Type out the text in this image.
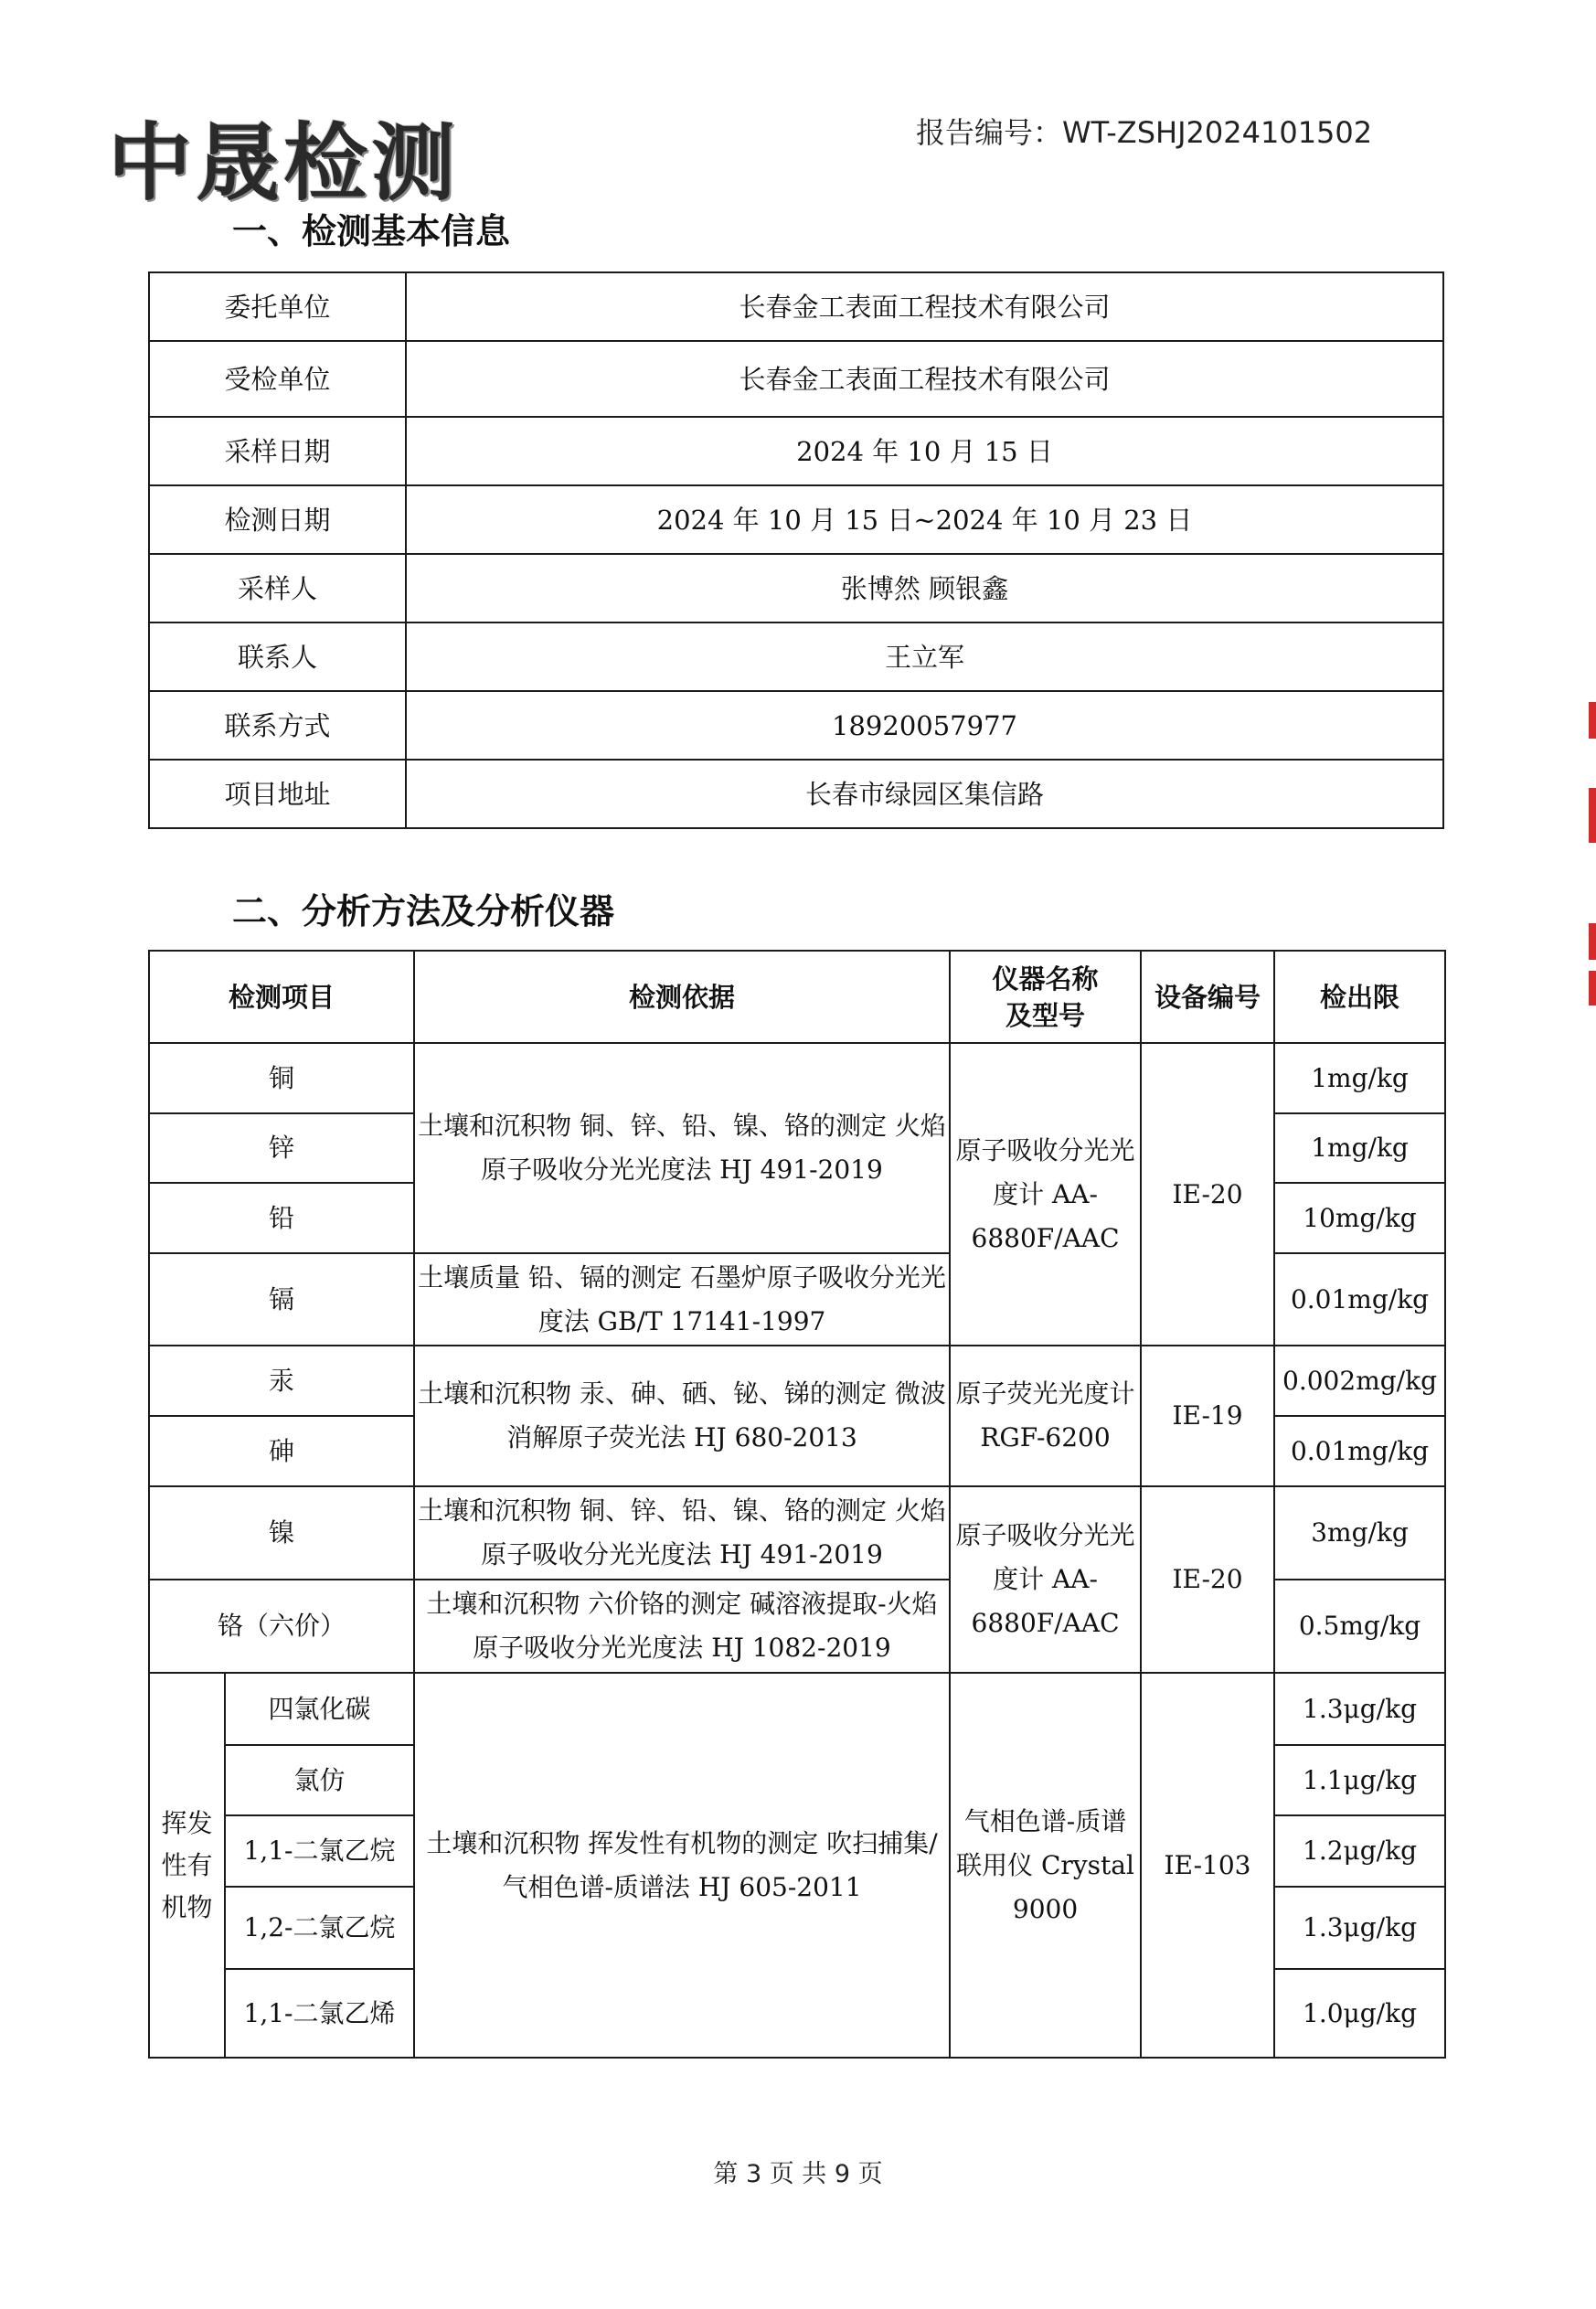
中晟检测	报告编号：WT-ZSHJ2024101502
一、检测基本信息
委托单位	长春金工表面工程技术有限公司
受检单位	长春金工表面工程技术有限公司
采样日期	2024 年 10 月 15 日
检测日期	2024 年 10 月 15 日~2024 年 10 月 23 日
采样人	张博然 顾银鑫
联系人	王立军
联系方式	18920057977
项目地址	长春市绿园区集信路
二、分析方法及分析仪器
检测项目		检测依据	仪器名称及型号	设备编号	检出限
铜		土壤和沉积物 铜、锌、铅、镍、铬的测定 火焰原子吸收分光光度法 HJ 491-2019	原子吸收分光光度计 AA-6880F/AAC	IE-20	1mg/kg
锌					1mg/kg
铅					10mg/kg
镉		土壤质量 铅、镉的测定 石墨炉原子吸收分光光度法 GB/T 17141-1997			0.01mg/kg
汞		土壤和沉积物 汞、砷、硒、铋、锑的测定 微波消解原子荧光法 HJ 680-2013	原子荧光光度计 RGF-6200	IE-19	0.002mg/kg
砷					0.01mg/kg
镍		土壤和沉积物 铜、锌、铅、镍、铬的测定 火焰原子吸收分光光度法 HJ 491-2019	原子吸收分光光度计 AA-6880F/AAC	IE-20	3mg/kg
铬（六价）		土壤和沉积物 六价铬的测定 碱溶液提取-火焰原子吸收分光光度法 HJ 1082-2019			0.5mg/kg
挥发性有机物	四氯化碳	土壤和沉积物 挥发性有机物的测定 吹扫捕集/气相色谱-质谱法 HJ 605-2011	气相色谱-质谱联用仪 Crystal 9000	IE-103	1.3μg/kg
	氯仿				1.1μg/kg
	1,1-二氯乙烷				1.2μg/kg
	1,2-二氯乙烷				1.3μg/kg
	1,1-二氯乙烯				1.0μg/kg
第 3 页 共 9 页
